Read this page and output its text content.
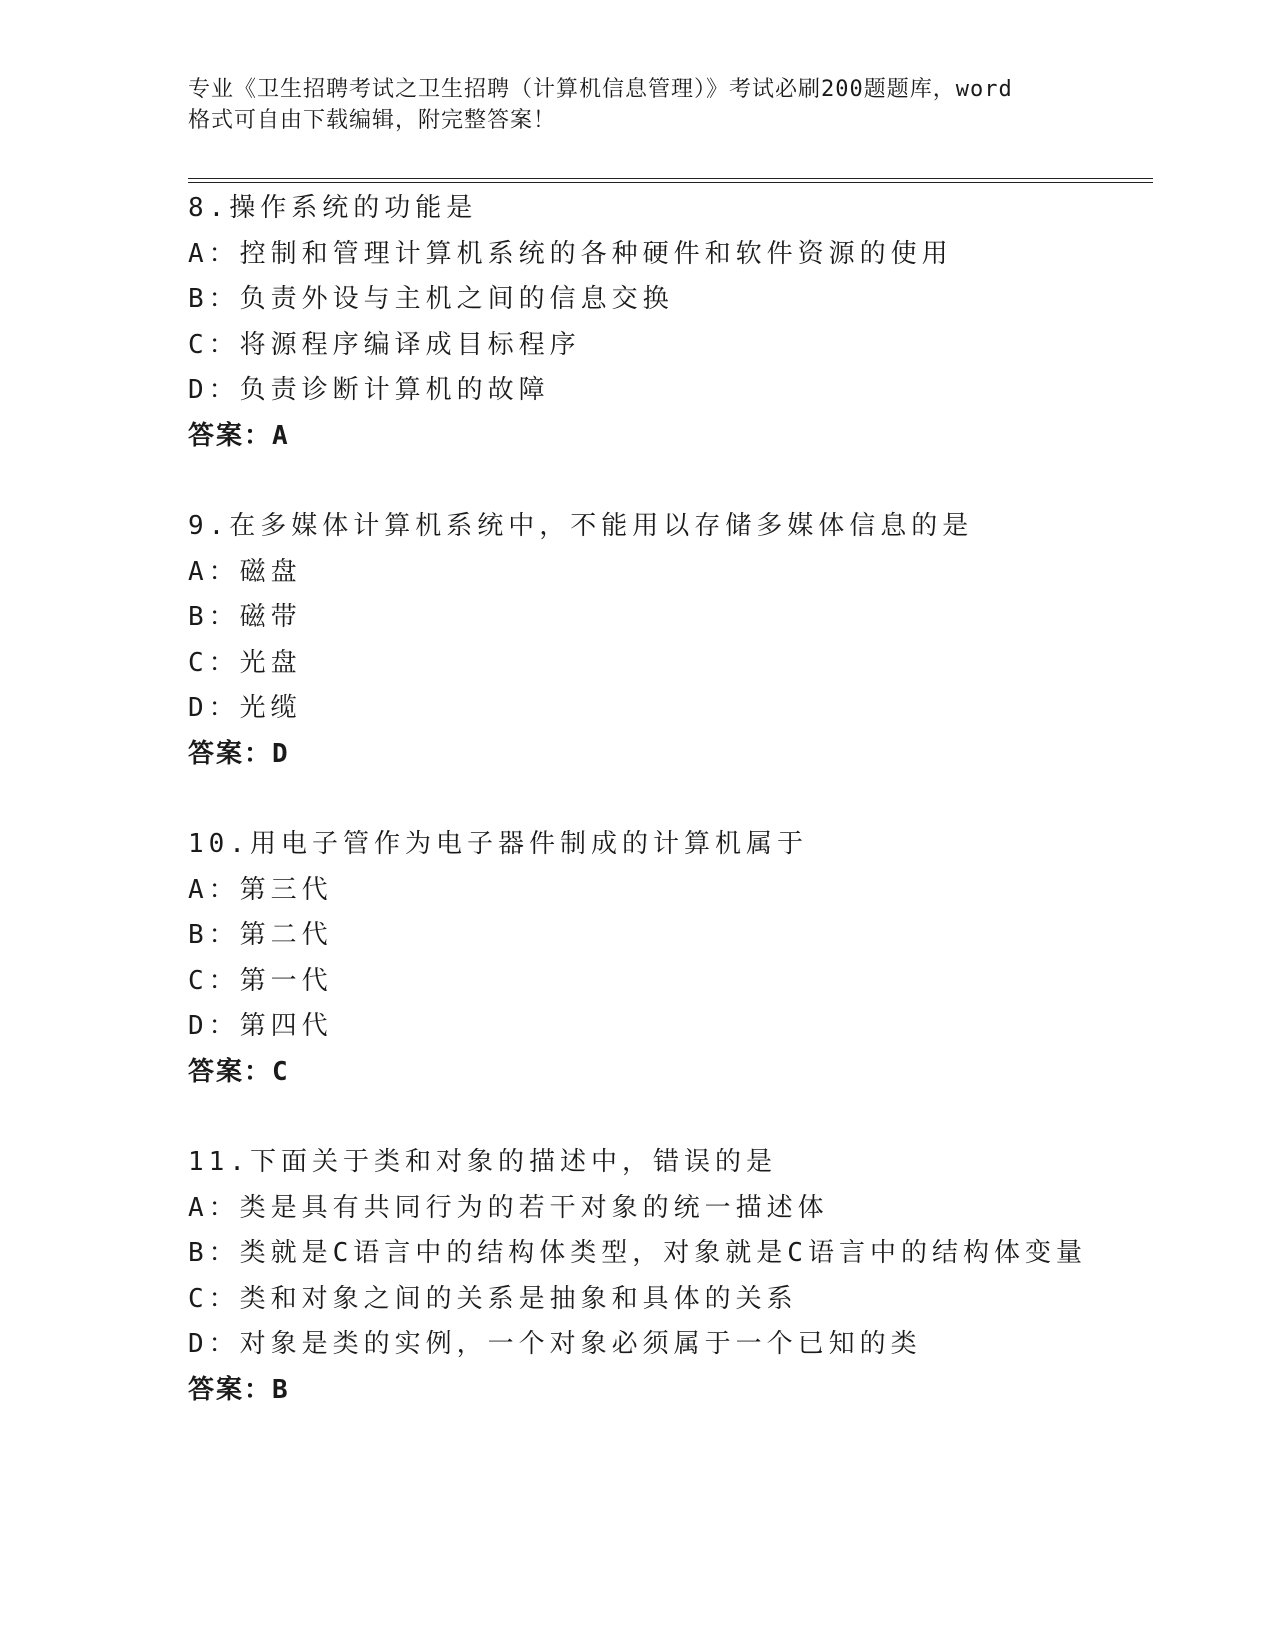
专业《卫生招聘考试之卫生招聘（计算机信息管理）》考试必刷200题题库，word
格式可自由下载编辑，附完整答案！
8.操作系统的功能是
A：控制和管理计算机系统的各种硬件和软件资源的使用
B：负责外设与主机之间的信息交换
C：将源程序编译成目标程序
D：负责诊断计算机的故障
答案：A
9.在多媒体计算机系统中，不能用以存储多媒体信息的是
A：磁盘
B：磁带
C：光盘
D：光缆
答案：D
10.用电子管作为电子器件制成的计算机属于
A：第三代
B：第二代
C：第一代
D：第四代
答案：C
11.下面关于类和对象的描述中，错误的是
A：类是具有共同行为的若干对象的统一描述体
B：类就是C语言中的结构体类型，对象就是C语言中的结构体变量
C：类和对象之间的关系是抽象和具体的关系
D：对象是类的实例，一个对象必须属于一个已知的类
答案：B
